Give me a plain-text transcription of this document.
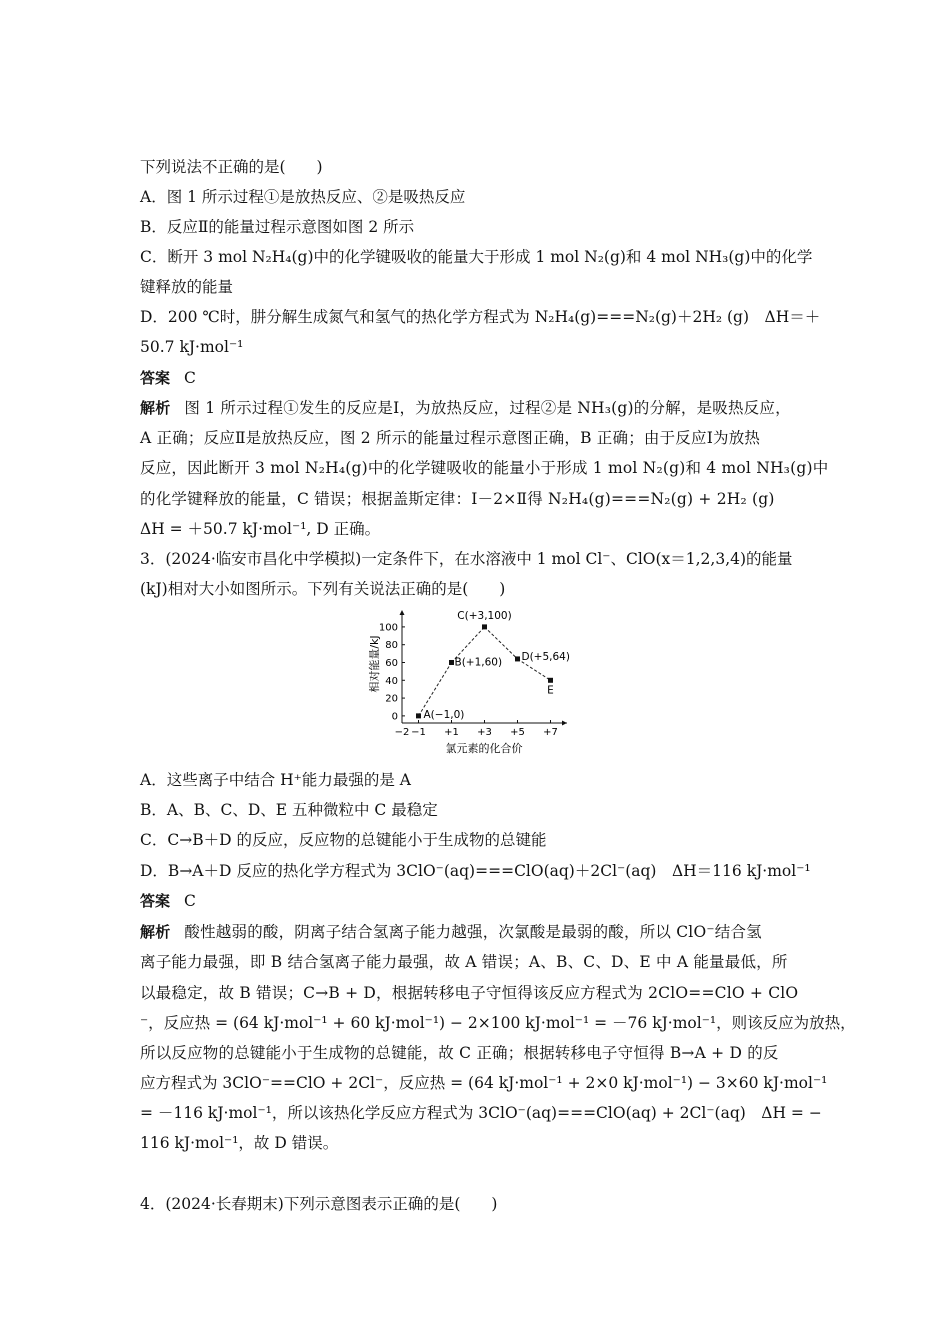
下列说法不正确的是(　　)
A．图 1 所示过程①是放热反应、②是吸热反应
B．反应Ⅱ的能量过程示意图如图 2 所示
C．断开 3 mol N₂H₄(g)中的化学键吸收的能量大于形成 1 mol N₂(g)和 4 mol NH₃(g)中的化学
键释放的能量
D．200 ℃时，肼分解生成氮气和氢气的热化学方程式为 N₂H₄(g)===N₂(g)＋2H₂ (g)　ΔH＝＋
50.7 kJ·mol⁻¹
答案 C
解析 图 1 所示过程①发生的反应是Ⅰ，为放热反应，过程②是 NH₃(g)的分解，是吸热反应，
A 正确；反应Ⅱ是放热反应，图 2 所示的能量过程示意图正确，B 正确；由于反应Ⅰ为放热
反应，因此断开 3 mol N₂H₄(g)中的化学键吸收的能量小于形成 1 mol N₂(g)和 4 mol NH₃(g)中
的化学键释放的能量，C 错误；根据盖斯定律：Ⅰ－2×Ⅱ得 N₂H₄(g)===N₂(g) + 2H₂ (g)
ΔH = ＋50.7 kJ·mol⁻¹, D 正确。
3．(2024·临安市昌化中学模拟)一定条件下，在水溶液中 1 mol Cl⁻、ClO(x＝1,2,3,4)的能量
(kJ)相对大小如图所示。下列有关说法正确的是(　　)
−2 −1 +1 +3 +5 +7
0
20
40
60
80
100
A(−1,0)
B(+1,60)
C(+3,100)
D(+5,64)
E
氯元素的化合价
相对能量/kJ
A．这些离子中结合 H⁺能力最强的是 A
B．A、B、C、D、E 五种微粒中 C 最稳定
C．C→B＋D 的反应，反应物的总键能小于生成物的总键能
D．B→A＋D 反应的热化学方程式为 3ClO⁻(aq)===ClO(aq)＋2Cl⁻(aq)　ΔH＝116 kJ·mol⁻¹
答案 C
解析 酸性越弱的酸，阴离子结合氢离子能力越强，次氯酸是最弱的酸，所以 ClO⁻结合氢
离子能力最强，即 B 结合氢离子能力最强，故 A 错误；A、B、C、D、E 中 A 能量最低，所
以最稳定，故 B 错误；C→B + D，根据转移电子守恒得该反应方程式为 2ClO==ClO + ClO
⁻，反应热 = (64 kJ·mol⁻¹ + 60 kJ·mol⁻¹) − 2×100 kJ·mol⁻¹ = －76 kJ·mol⁻¹，则该反应为放热，
所以反应物的总键能小于生成物的总键能，故 C 正确；根据转移电子守恒得 B→A + D 的反
应方程式为 3ClO⁻==ClO + 2Cl⁻，反应热 = (64 kJ·mol⁻¹ + 2×0 kJ·mol⁻¹) − 3×60 kJ·mol⁻¹
= －116 kJ·mol⁻¹，所以该热化学反应方程式为 3ClO⁻(aq)===ClO(aq) + 2Cl⁻(aq)　ΔH = −
116 kJ·mol⁻¹，故 D 错误。
4．(2024·长春期末)下列示意图表示正确的是(　　)
